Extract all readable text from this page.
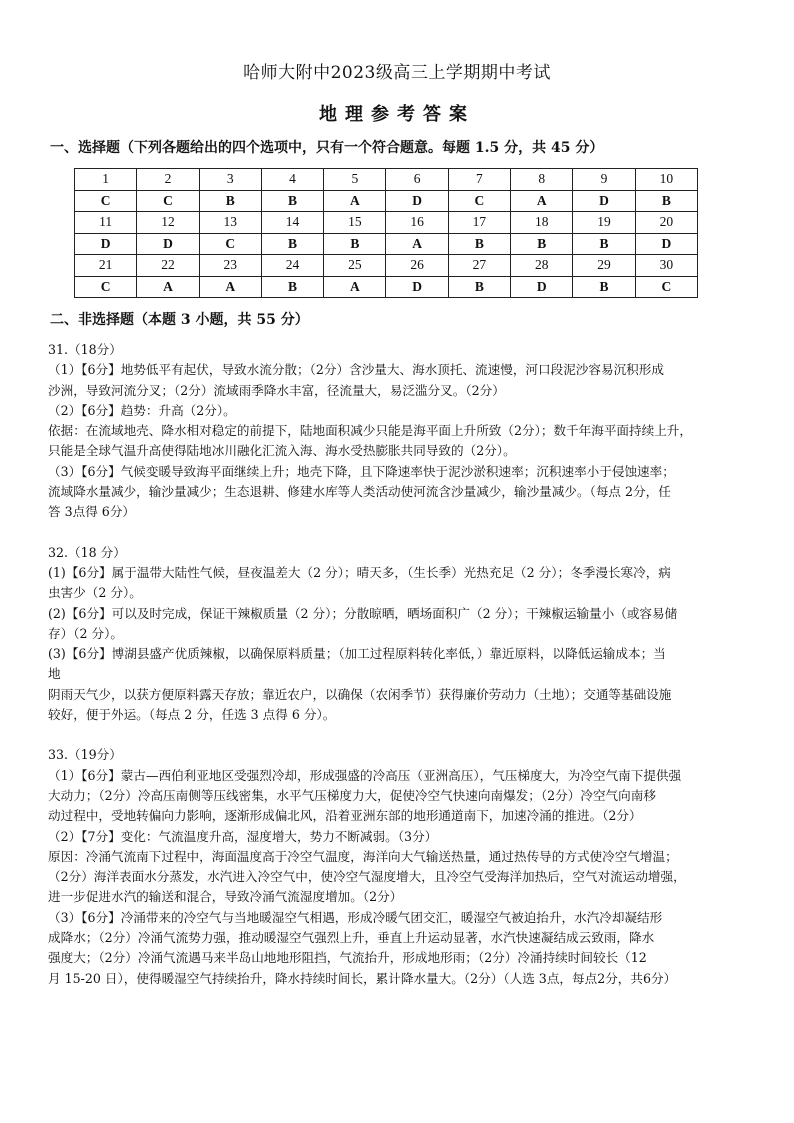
哈师大附中2023级高三上学期期中考试
地理参考答案
一、选择题（下列各题给出的四个选项中，只有一个符合题意。每题 1.5 分，共 45 分）
1	2	3	4	5	6	7	8	9	10
C	C	B	B	A	D	C	A	D	B
11	12	13	14	15	16	17	18	19	20
D	D	C	B	B	A	B	B	B	D
21	22	23	24	25	26	27	28	29	30
C	A	A	B	A	D	B	D	B	C
二、非选择题（本题 3 小题，共 55 分）

31.（18分）

（1）【6分】地势低平有起伏，导致水流分散；（2分）含沙量大、海水顶托、流速慢，河口段泥沙容易沉积形成

沙洲，导致河流分叉；（2分）流域雨季降水丰富，径流量大，易泛滥分叉。（2分）

（2）【6分】趋势：升高（2分）。

依据：在流域地壳、降水相对稳定的前提下，陆地面积减少只能是海平面上升所致（2分）；数千年海平面持续上升，

只能是全球气温升高使得陆地冰川融化汇流入海、海水受热膨胀共同导致的（2分）。

（3）【6分】气候变暖导致海平面继续上升；地壳下降，且下降速率快于泥沙淤积速率；沉积速率小于侵蚀速率；

流域降水量减少，输沙量减少；生态退耕、修建水库等人类活动使河流含沙量减少，输沙量减少。（每点 2分，任

答 3点得 6分）

32.（18 分）

(1)【6分】属于温带大陆性气候，昼夜温差大（2 分）；晴天多，（生长季）光热充足（2 分）；冬季漫长寒冷，病

虫害少（2 分）。

(2)【6分】可以及时完成，保证干辣椒质量（2 分）；分散晾晒，晒场面积广（2 分）；干辣椒运输量小（或容易储

存）（2 分）。

(3)【6分】博湖县盛产优质辣椒，以确保原料质量；（加工过程原料转化率低，）靠近原料，以降低运输成本；当

地

阴雨天气少，以获方便原料露天存放；靠近农户，以确保（农闲季节）获得廉价劳动力（土地）；交通等基础设施

较好，便于外运。（每点 2 分，任选 3 点得 6 分）。

33.（19分）

（1）【6分】蒙古—西伯利亚地区受强烈冷却，形成强盛的冷高压（亚洲高压），气压梯度大，为冷空气南下提供强

大动力；（2分）冷高压南侧等压线密集，水平气压梯度力大，促使冷空气快速向南爆发；（2分）冷空气向南移

动过程中，受地转偏向力影响，逐渐形成偏北风，沿着亚洲东部的地形通道南下，加速冷涌的推进。（2分）

（2）【7分】变化：气流温度升高，湿度增大，势力不断减弱。（3分）

原因：冷涌气流南下过程中，海面温度高于冷空气温度，海洋向大气输送热量，通过热传导的方式使冷空气增温；

（2分）海洋表面水分蒸发，水汽进入冷空气中，使冷空气湿度增大，且冷空气受海洋加热后，空气对流运动增强，

进一步促进水汽的输送和混合，导致冷涌气流湿度增加。（2分）

（3）【6分】冷涌带来的冷空气与当地暖湿空气相遇，形成冷暖气团交汇，暖湿空气被迫抬升，水汽冷却凝结形

成降水；（2分）冷涌气流势力强，推动暖湿空气强烈上升，垂直上升运动显著，水汽快速凝结成云致雨，降水

强度大；（2分）冷涌气流遇马来半岛山地地形阻挡，气流抬升，形成地形雨；（2分）冷涌持续时间较长（12

月 15-20 日），使得暖湿空气持续抬升，降水持续时间长，累计降水量大。（2分）（人选 3点，每点2分，共6分）
